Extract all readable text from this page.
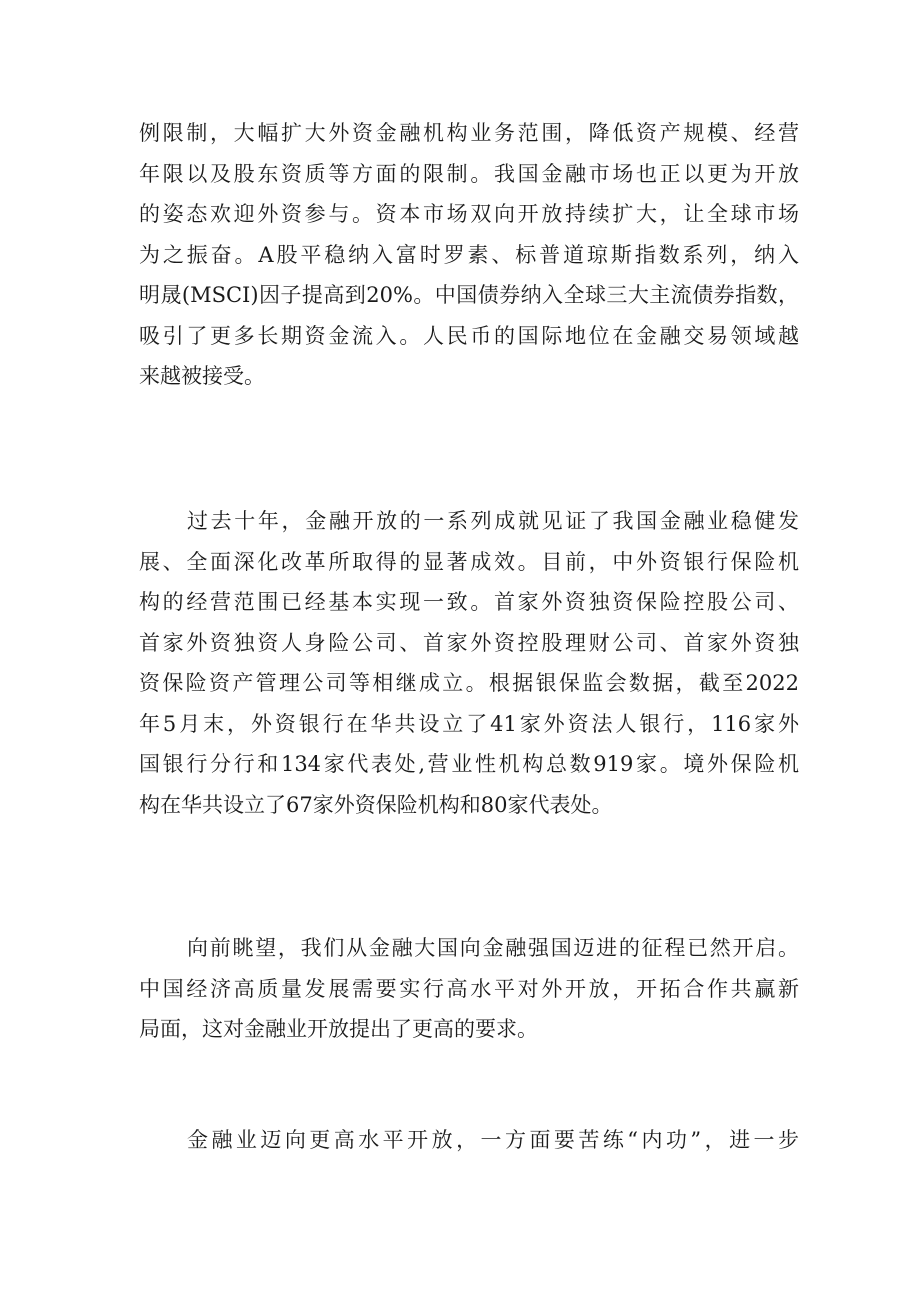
例限制，大幅扩大外资金融机构业务范围，降低资产规模、经营
年限以及股东资质等方面的限制。我国金融市场也正以更为开放
的姿态欢迎外资参与。资本市场双向开放持续扩大，让全球市场
为之振奋。A股平稳纳入富时罗素、标普道琼斯指数系列，纳入
明晟(MSCI)因子提高到20%。中国债券纳入全球三大主流债券指数，
吸引了更多长期资金流入。人民币的国际地位在金融交易领域越
来越被接受。
过去十年，金融开放的一系列成就见证了我国金融业稳健发
展、全面深化改革所取得的显著成效。目前，中外资银行保险机
构的经营范围已经基本实现一致。首家外资独资保险控股公司、
首家外资独资人身险公司、首家外资控股理财公司、首家外资独
资保险资产管理公司等相继成立。根据银保监会数据，截至2022
年5月末，外资银行在华共设立了41家外资法人银行，116家外
国银行分行和134家代表处,营业性机构总数919家。境外保险机
构在华共设立了67家外资保险机构和80家代表处。
向前眺望，我们从金融大国向金融强国迈进的征程已然开启。
中国经济高质量发展需要实行高水平对外开放，开拓合作共赢新
局面，这对金融业开放提出了更高的要求。
金融业迈向更高水平开放，一方面要苦练“内功”，进一步
